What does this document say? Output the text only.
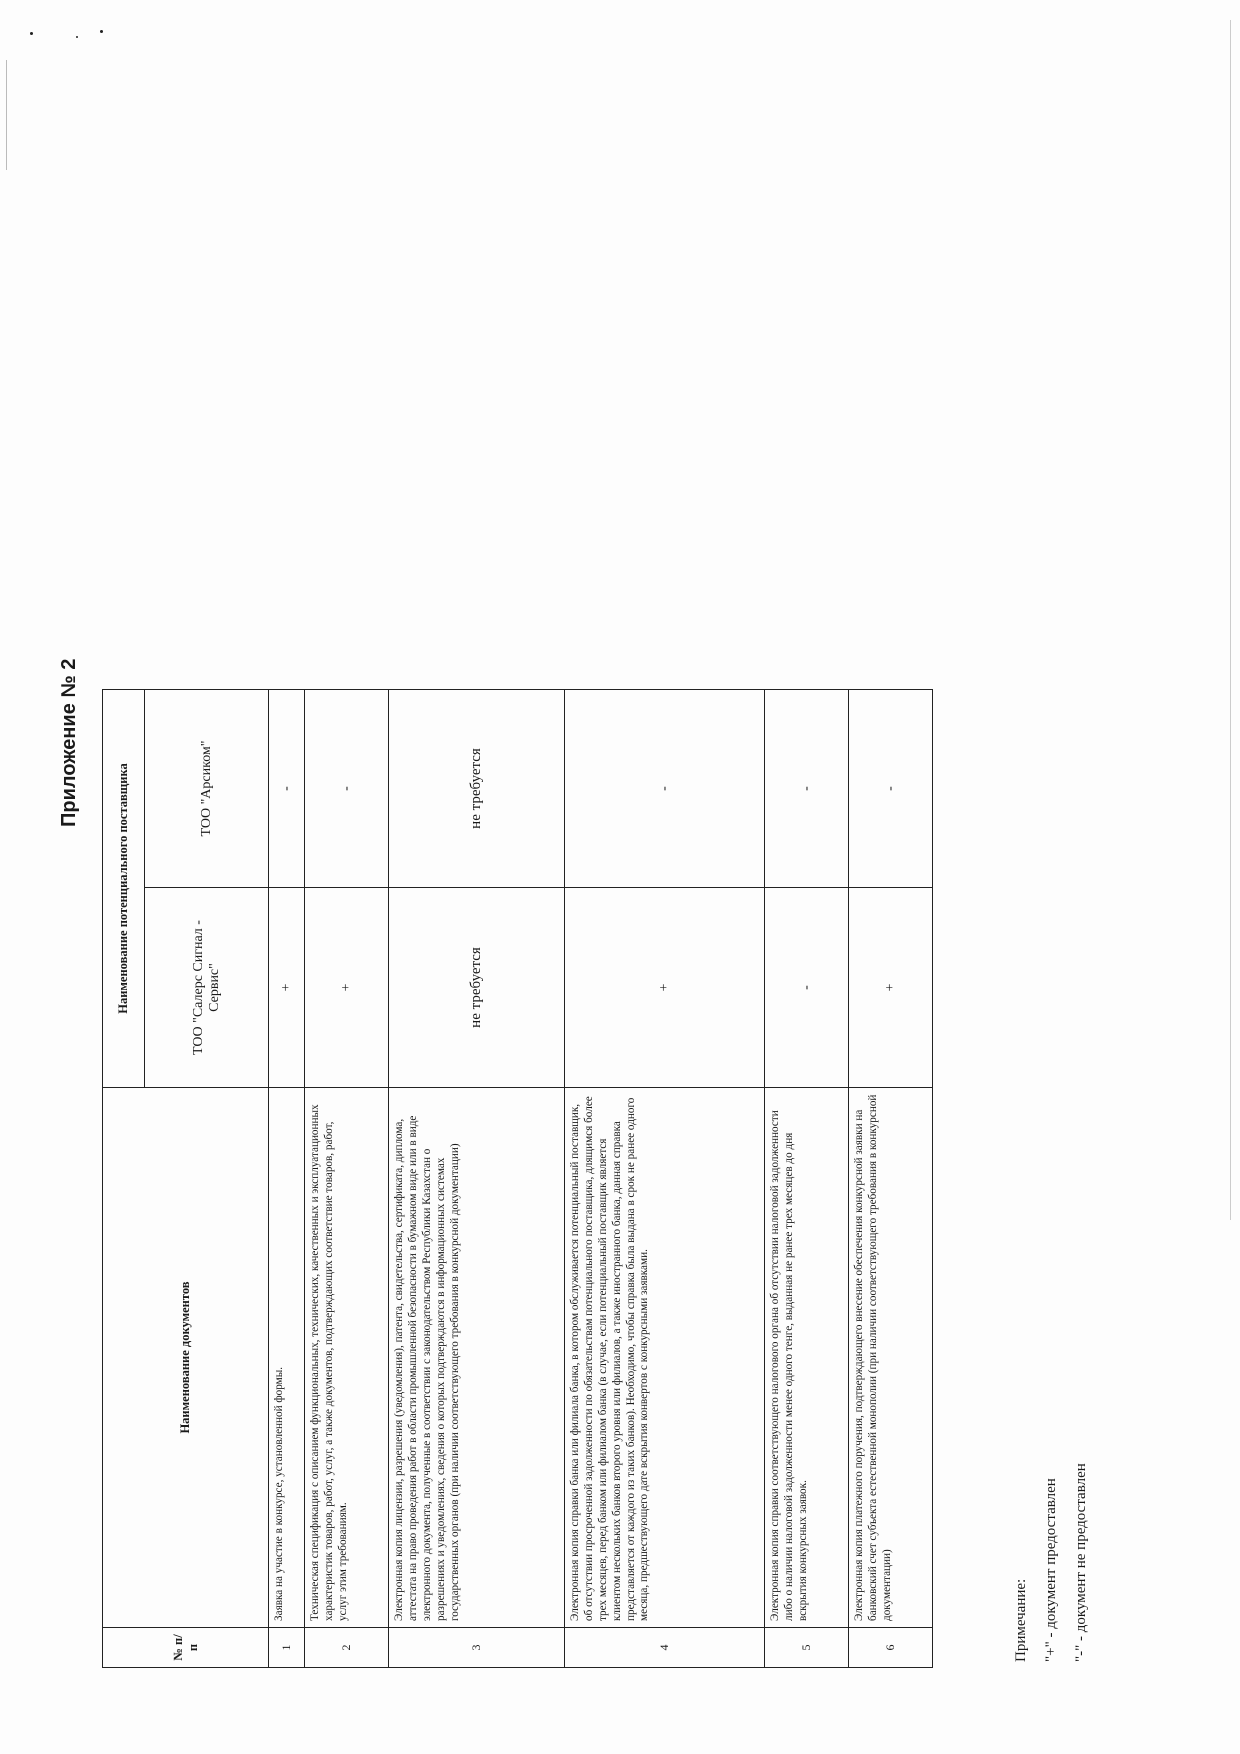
Приложение № 2
№ п/п	Наименование документов	Наименование потенциального поставщика	
		ТОО "Салерс Сигнал - Сервис"	ТОО "Арсиком"
1	Заявка на участие в конкурсе, установленной формы.	+	-
2	Техническая спецификация с описанием функциональных, технических, качественных и эксплуатационных характеристик товаров, работ, услуг, а также документов, подтверждающих соответствие товаров, работ, услуг этим требованиям.	+	-
3	Электронная копия лицензии, разрешения (уведомления), патента, свидетельства, сертификата, диплома, аттестата на право проведения работ в области промышленной безопасности в бумажном виде или в виде электронного документа, полученные в соответствии с законодательством Республики Казахстан о разрешениях и уведомлениях, сведения о которых подтверждаются в информационных системах государственных органов (при наличии соответствующего требования в конкурсной документации)	не требуется	не требуется
4	Электронная копия справки банка или филиала банка, в котором обслуживается потенциальный поставщик, об отсутствии просроченной задолженности по обязательствам потенциального поставщика, длящимся более трех месяцев, перед банком или филиалом банка (в случае, если потенциальный поставщик является клиентом нескольких банков второго уровня или филиалов, а также иностранного банка, данная справка представляется от каждого из таких банков). Необходимо, чтобы справка была выдана в срок не ранее одного месяца, предшествующего дате вскрытия конвертов с конкурсными заявками.	+	-
5	Электронная копия справки соответствующего налогового органа об отсутствии налоговой задолженности либо о наличии налоговой задолженности менее одного тенге, выданная не ранее трех месяцев до дня вскрытия конкурсных заявок.	-	-
6	Электронная копия платежного поручения, подтверждающего внесение обеспечения конкурсной заявки на банковский счет субъекта естественной монополии (при наличии соответствующего требования в конкурсной документации)	+	-
Примечание: "+" - документ предоставлен "-" - документ не предоставлен
